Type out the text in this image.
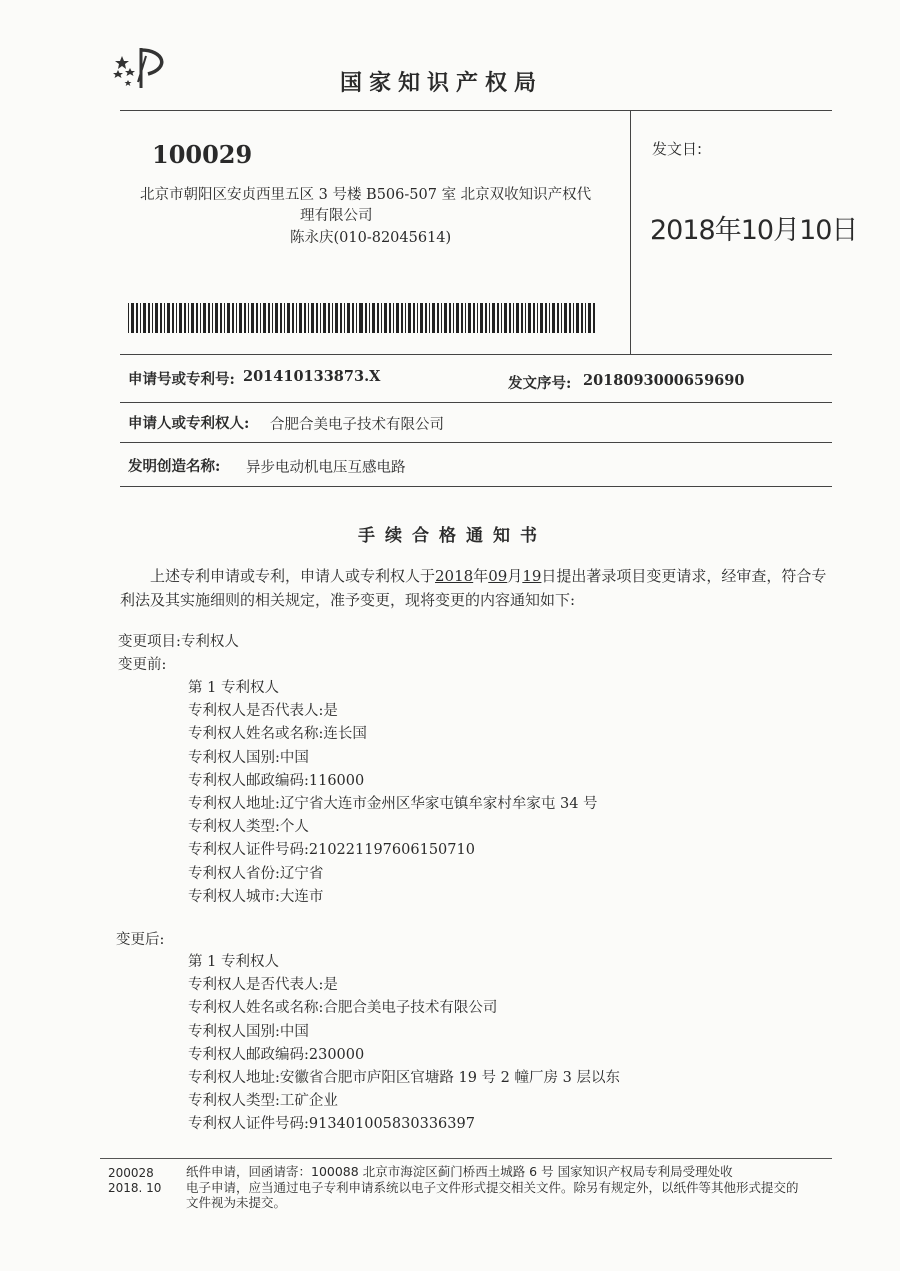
国家知识产权局
100029
北京市朝阳区安贞西里五区 3 号楼 B506-507 室 北京双收知识产权代
理有限公司
陈永庆(010-82045614)
发文日:
2018年10月10日
申请号或专利号: 201410133873.X	发文序号: 2018093000659690
申请人或专利权人: 合肥合美电子技术有限公司
发明创造名称: 异步电动机电压互感电路
手续合格通知书
上述专利申请或专利，申请人或专利权人于2018年09月19日提出著录项目变更请求，经审查，符合专
利法及其实施细则的相关规定，准予变更，现将变更的内容通知如下:
变更项目:专利权人
变更前:
第 1 专利权人
专利权人是否代表人:是
专利权人姓名或名称:连长国
专利权人国别:中国
专利权人邮政编码:116000
专利权人地址:辽宁省大连市金州区华家屯镇牟家村牟家屯 34 号
专利权人类型:个人
专利权人证件号码:210221197606150710
专利权人省份:辽宁省
专利权人城市:大连市
变更后:
第 1 专利权人
专利权人是否代表人:是
专利权人姓名或名称:合肥合美电子技术有限公司
专利权人国别:中国
专利权人邮政编码:230000
专利权人地址:安徽省合肥市庐阳区官塘路 19 号 2 幢厂房 3 层以东
专利权人类型:工矿企业
专利权人证件号码:913401005830336397
200028
2018. 10
纸件申请，回函请寄：100088 北京市海淀区蓟门桥西土城路 6 号 国家知识产权局专利局受理处收
电子申请，应当通过电子专利申请系统以电子文件形式提交相关文件。除另有规定外，以纸件等其他形式提交的
文件视为未提交。
